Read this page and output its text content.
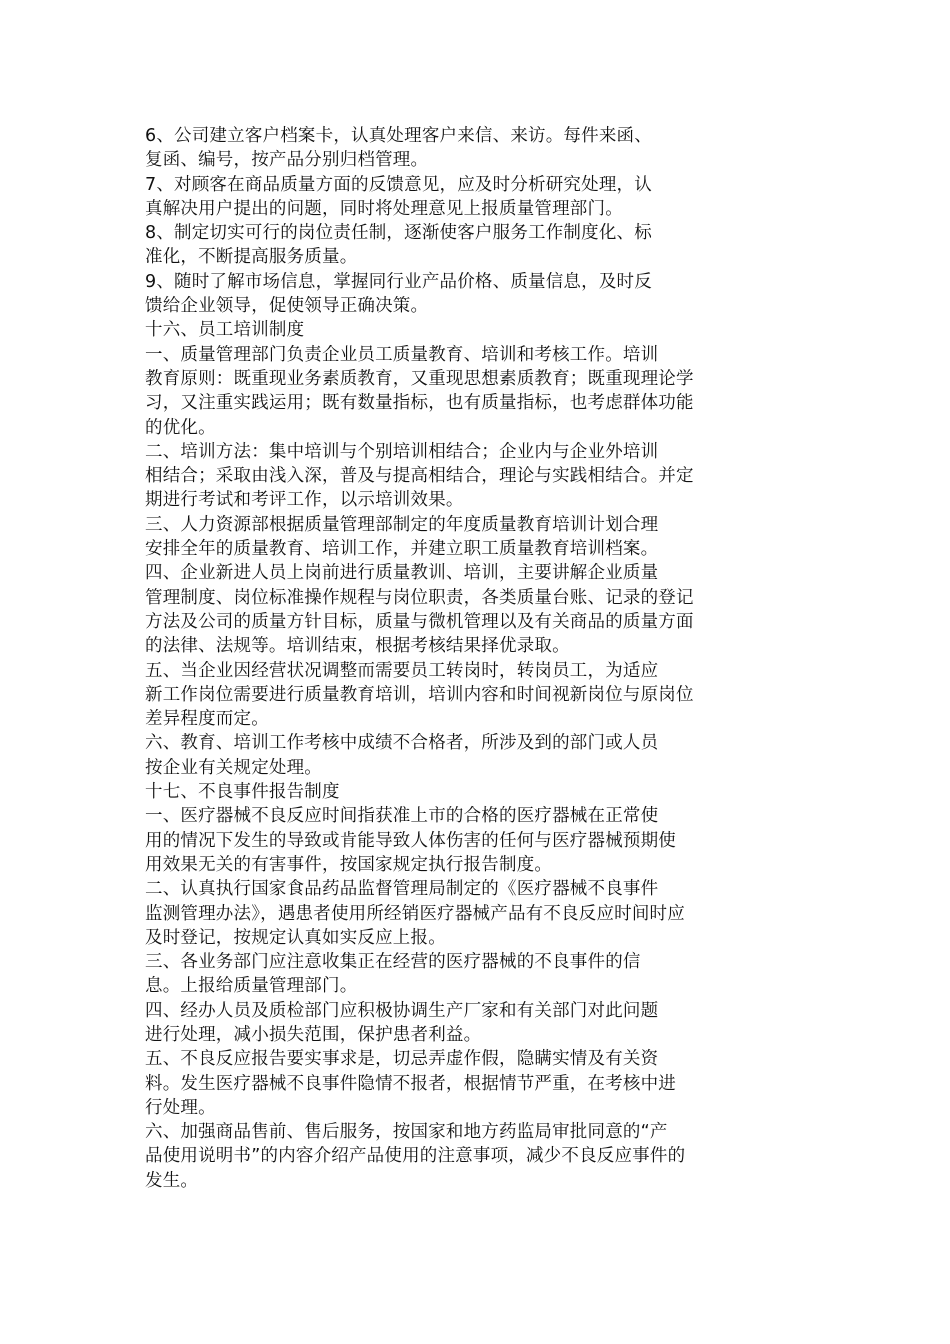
6、公司建立客户档案卡，认真处理客户来信、来访。每件来函、
复函、编号，按产品分别归档管理。
7、对顾客在商品质量方面的反馈意见，应及时分析研究处理，认
真解决用户提出的问题，同时将处理意见上报质量管理部门。
8、制定切实可行的岗位责任制，逐渐使客户服务工作制度化、标
准化，不断提高服务质量。
9、随时了解市场信息，掌握同行业产品价格、质量信息，及时反
馈给企业领导，促使领导正确决策。
十六、员工培训制度
一、质量管理部门负责企业员工质量教育、培训和考核工作。培训
教育原则：既重现业务素质教育，又重现思想素质教育；既重现理论学
习，又注重实践运用；既有数量指标，也有质量指标，也考虑群体功能
的优化。
二、培训方法：集中培训与个别培训相结合；企业内与企业外培训
相结合；采取由浅入深，普及与提高相结合，理论与实践相结合。并定
期进行考试和考评工作，以示培训效果。
三、人力资源部根据质量管理部制定的年度质量教育培训计划合理
安排全年的质量教育、培训工作，并建立职工质量教育培训档案。
四、企业新进人员上岗前进行质量教训、培训，主要讲解企业质量
管理制度、岗位标准操作规程与岗位职责，各类质量台账、记录的登记
方法及公司的质量方针目标，质量与微机管理以及有关商品的质量方面
的法律、法规等。培训结束，根据考核结果择优录取。
五、当企业因经营状况调整而需要员工转岗时，转岗员工，为适应
新工作岗位需要进行质量教育培训，培训内容和时间视新岗位与原岗位
差异程度而定。
六、教育、培训工作考核中成绩不合格者，所涉及到的部门或人员
按企业有关规定处理。
十七、不良事件报告制度
一、医疗器械不良反应时间指获准上市的合格的医疗器械在正常使
用的情况下发生的导致或肯能导致人体伤害的任何与医疗器械预期使
用效果无关的有害事件，按国家规定执行报告制度。
二、认真执行国家食品药品监督管理局制定的《医疗器械不良事件
监测管理办法》，遇患者使用所经销医疗器械产品有不良反应时间时应
及时登记，按规定认真如实反应上报。
三、各业务部门应注意收集正在经营的医疗器械的不良事件的信
息。上报给质量管理部门。
四、经办人员及质检部门应积极协调生产厂家和有关部门对此问题
进行处理，减小损失范围，保护患者利益。
五、不良反应报告要实事求是，切忌弄虚作假，隐瞒实情及有关资
料。发生医疗器械不良事件隐情不报者，根据情节严重，在考核中进
行处理。
六、加强商品售前、售后服务，按国家和地方药监局审批同意的“产
品使用说明书”的内容介绍产品使用的注意事项，减少不良反应事件的
发生。
